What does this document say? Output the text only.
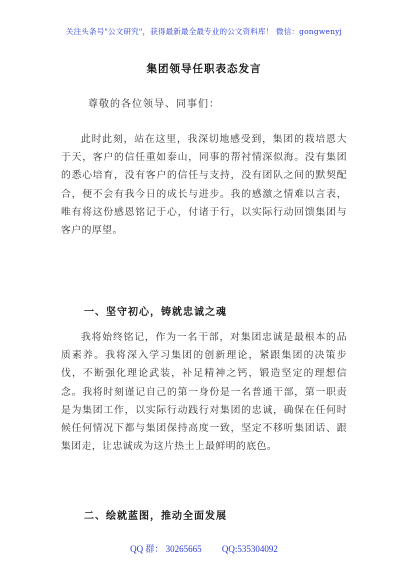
关注头条号"公文研究"，获得最新最全最专业的公文资料库！ 微信：gongwenyj
集团领导任职表态发言
尊敬的各位领导、同事们：
此时此刻，站在这里，我深切地感受到，集团的栽培恩大于天，客户的信任重如泰山，同事的帮衬情深似海。没有集团的悉心培育，没有客户的信任与支持，没有团队之间的默契配合，便不会有我今日的成长与进步。我的感激之情难以言表，唯有将这份感恩铭记于心，付诸于行，以实际行动回馈集团与客户的厚望。
一、坚守初心，铸就忠诚之魂
我将始终铭记，作为一名干部，对集团忠诚是最根本的品质素养。我将深入学习集团的创新理论，紧跟集团的决策步伐，不断强化理论武装，补足精神之钙，锻造坚定的理想信念。我将时刻谨记自己的第一身份是一名普通干部，第一职责是为集团工作，以实际行动践行对集团的忠诚，确保在任何时候任何情况下都与集团保持高度一致，坚定不移听集团话、跟集团走，让忠诚成为这片热土上最鲜明的底色。
二、绘就蓝图，推动全面发展
QQ 群： 30265665 QQ:535304092
